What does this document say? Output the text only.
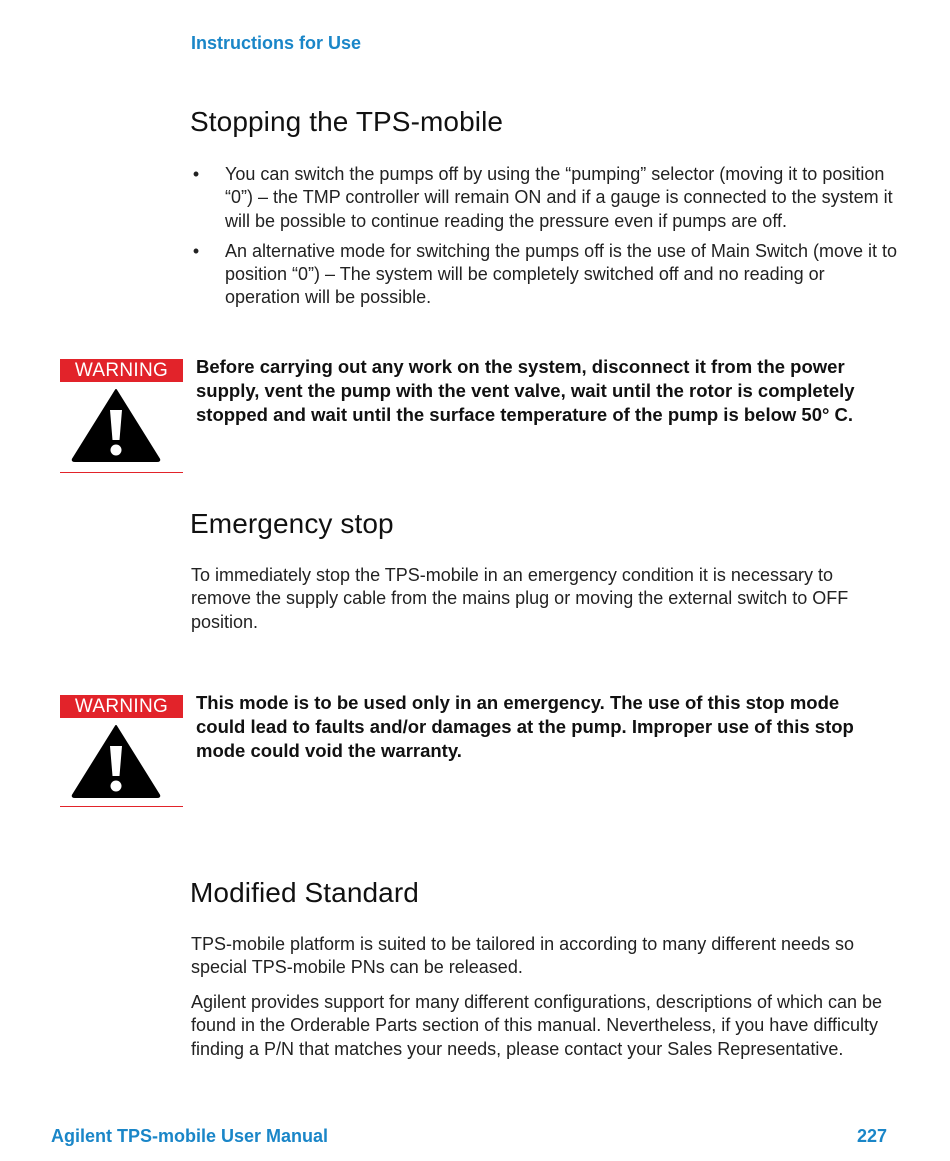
Instructions for Use
Stopping the TPS-mobile
• You can switch the pumps off by using the “pumping” selector (moving it to position “0”) – the TMP controller will remain ON and if a gauge is connected to the system it will be possible to continue reading the pressure even if pumps are off.
• An alternative mode for switching the pumps off is the use of Main Switch (move it to position “0”) – The system will be completely switched off and no reading or operation will be possible.
WARNING	Before carrying out any work on the system, disconnect it from the power supply, vent the pump with the vent valve, wait until the rotor is completely stopped and wait until the surface temperature of the pump is below 50° C.

Emergency stop

To immediately stop the TPS-mobile in an emergency condition it is necessary to remove the supply cable from the mains plug or moving the external switch to OFF position.

WARNING	This mode is to be used only in an emergency. The use of this stop mode could lead to faults and/or damages at the pump. Improper use of this stop mode could void the warranty.

Modified Standard

TPS-mobile platform is suited to be tailored in according to many different needs so special TPS-mobile PNs can be released.

Agilent provides support for many different configurations, descriptions of which can be found in the Orderable Parts section of this manual. Nevertheless, if you have difficulty finding a P/N that matches your needs, please contact your Sales Representative.

Agilent TPS-mobile User Manual	227
